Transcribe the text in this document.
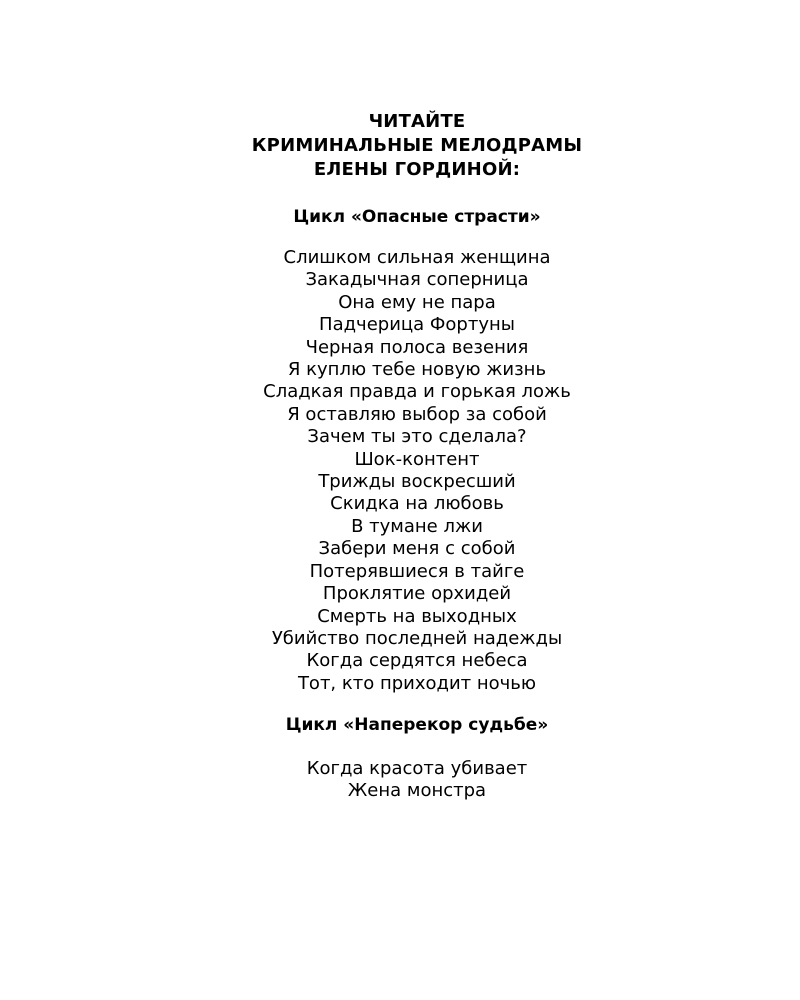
ЧИТАЙТЕ
КРИМИНАЛЬНЫЕ МЕЛОДРАМЫ
ЕЛЕНЫ ГОРДИНОЙ:
Цикл «Опасные страсти»
Слишком сильная женщина
Закадычная соперница
Она ему не пара
Падчерица Фортуны
Черная полоса везения
Я куплю тебе новую жизнь
Сладкая правда и горькая ложь
Я оставляю выбор за собой
Зачем ты это сделала?
Шок-контент
Трижды воскресший
Скидка на любовь
В тумане лжи
Забери меня с собой
Потерявшиеся в тайге
Проклятие орхидей
Смерть на выходных
Убийство последней надежды
Когда сердятся небеса
Тот, кто приходит ночью
Цикл «Наперекор судьбе»
Когда красота убивает
Жена монстра
